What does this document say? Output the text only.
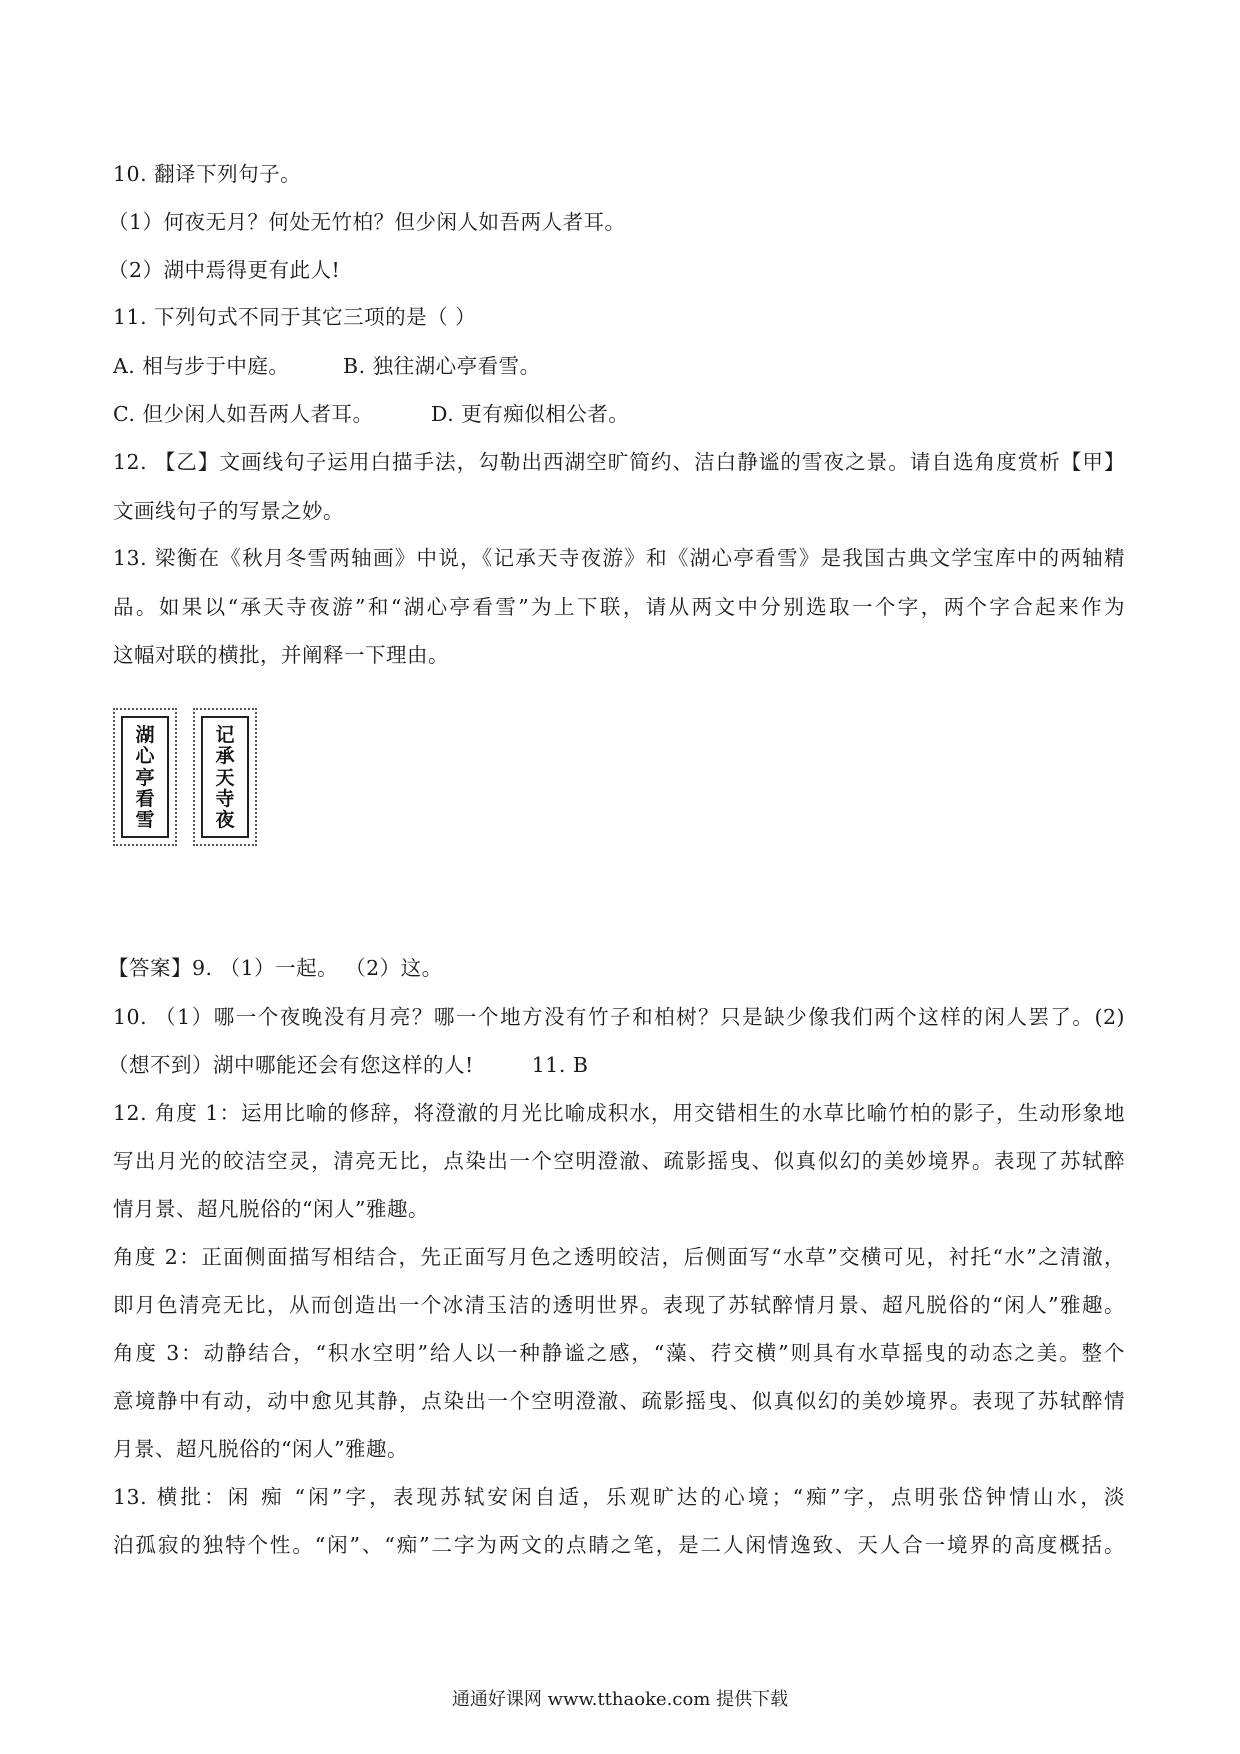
10. 翻译下列句子。
（1）何夜无月？何处无竹柏？但少闲人如吾两人者耳。
（2）湖中焉得更有此人!
11. 下列句式不同于其它三项的是（ ）
A. 相与步于中庭。	B. 独往湖心亭看雪。
C. 但少闲人如吾两人者耳。	D. 更有痴似相公者。
12. 【乙】文画线句子运用白描手法，勾勒出西湖空旷简约、洁白静谧的雪夜之景。请自选角度赏析【甲】
文画线句子的写景之妙。
13. 梁衡在《秋月冬雪两轴画》中说，《记承天寺夜游》和《湖心亭看雪》是我国古典文学宝库中的两轴精
品。如果以“承天寺夜游”和“湖心亭看雪”为上下联，请从两文中分别选取一个字，两个字合起来作为
这幅对联的横批，并阐释一下理由。
湖
心
亭
看
雪
记
承
天
寺
夜
【答案】9. （1）一起。 （2）这。
10. （1）哪一个夜晚没有月亮？哪一个地方没有竹子和柏树？只是缺少像我们两个这样的闲人罢了。(2)
（想不到）湖中哪能还会有您这样的人!	11. B
12. 角度 1：运用比喻的修辞，将澄澈的月光比喻成积水，用交错相生的水草比喻竹柏的影子，生动形象地
写出月光的皎洁空灵，清亮无比，点染出一个空明澄澈、疏影摇曳、似真似幻的美妙境界。表现了苏轼醉
情月景、超凡脱俗的“闲人”雅趣。
角度 2：正面侧面描写相结合，先正面写月色之透明皎洁，后侧面写“水草”交横可见，衬托“水”之清澈，
即月色清亮无比，从而创造出一个冰清玉洁的透明世界。表现了苏轼醉情月景、超凡脱俗的“闲人”雅趣。
角度 3：动静结合，“积水空明”给人以一种静谧之感，“藻、荇交横”则具有水草摇曳的动态之美。整个
意境静中有动，动中愈见其静，点染出一个空明澄澈、疏影摇曳、似真似幻的美妙境界。表现了苏轼醉情
月景、超凡脱俗的“闲人”雅趣。
13. 横批：闲 痴 “闲”字，表现苏轼安闲自适，乐观旷达的心境；“痴”字，点明张岱钟情山水，淡
泊孤寂的独特个性。“闲”、“痴”二字为两文的点睛之笔，是二人闲情逸致、天人合一境界的高度概括。
通通好课网 www.tthaoke.com 提供下载
